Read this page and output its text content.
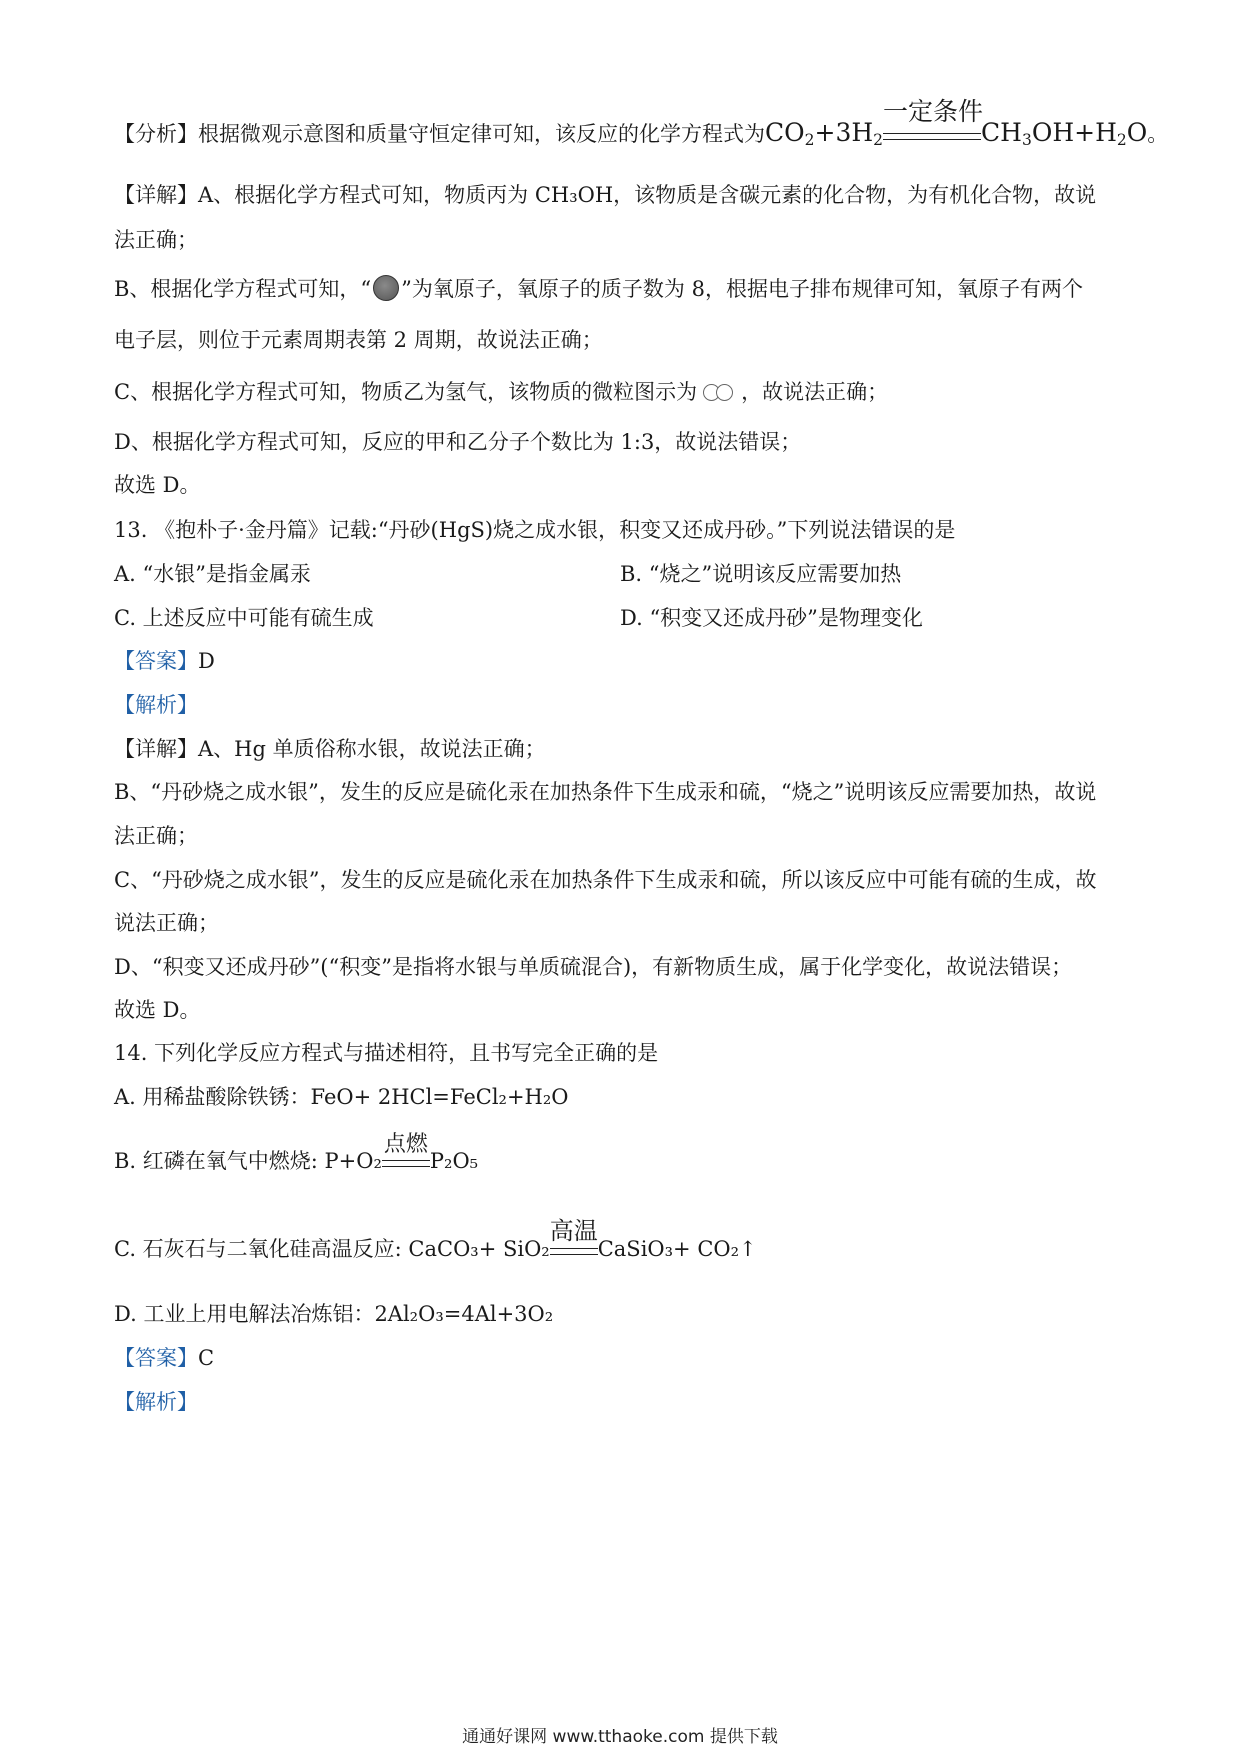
【分析】根据微观示意图和质量守恒定律可知，该反应的化学方程式为$CO_2+3H_2$
一定条件
$CH_3OH+H_2O$。
【详解】A、根据化学方程式可知，物质丙为 CH₃OH，该物质是含碳元素的化合物，为有机化合物，故说
法正确；
B、根据化学方程式可知，“ ”为氧原子，氧原子的质子数为 8，根据电子排布规律可知，氧原子有两个
电子层，则位于元素周期表第 2 周期，故说法正确；
C、根据化学方程式可知，物质乙为氢气，该物质的微粒图示为 ，故说法正确；
D、根据化学方程式可知，反应的甲和乙分子个数比为 1:3，故说法错误；
故选 D。
13. 《抱朴子·金丹篇》记载:“丹砂(HgS)烧之成水银，积变又还成丹砂。”下列说法错误的是
A. “水银”是指金属汞	B. “烧之”说明该反应需要加热
C. 上述反应中可能有硫生成	D. “积变又还成丹砂”是物理变化
【答案】D
【解析】
【详解】A、Hg 单质俗称水银，故说法正确；
B、“丹砂烧之成水银”，发生的反应是硫化汞在加热条件下生成汞和硫，“烧之”说明该反应需要加热，故说
法正确；
C、“丹砂烧之成水银”，发生的反应是硫化汞在加热条件下生成汞和硫，所以该反应中可能有硫的生成，故
说法正确；
D、“积变又还成丹砂”(“积变”是指将水银与单质硫混合)，有新物质生成，属于化学变化，故说法错误；
故选 D。
14. 下列化学反应方程式与描述相符，且书写完全正确的是
A. 用稀盐酸除铁锈：FeO+ 2HCl=FeCl₂+H₂O
B. 红磷在氧气中燃烧: P+O₂
点燃
P₂O₅
C. 石灰石与二氧化硅高温反应: CaCO₃+ SiO₂
高温
CaSiO₃+ CO₂↑
D. 工业上用电解法冶炼铝：2Al₂O₃=4Al+3O₂
【答案】C
【解析】
通通好课网 www.tthaoke.com 提供下载
